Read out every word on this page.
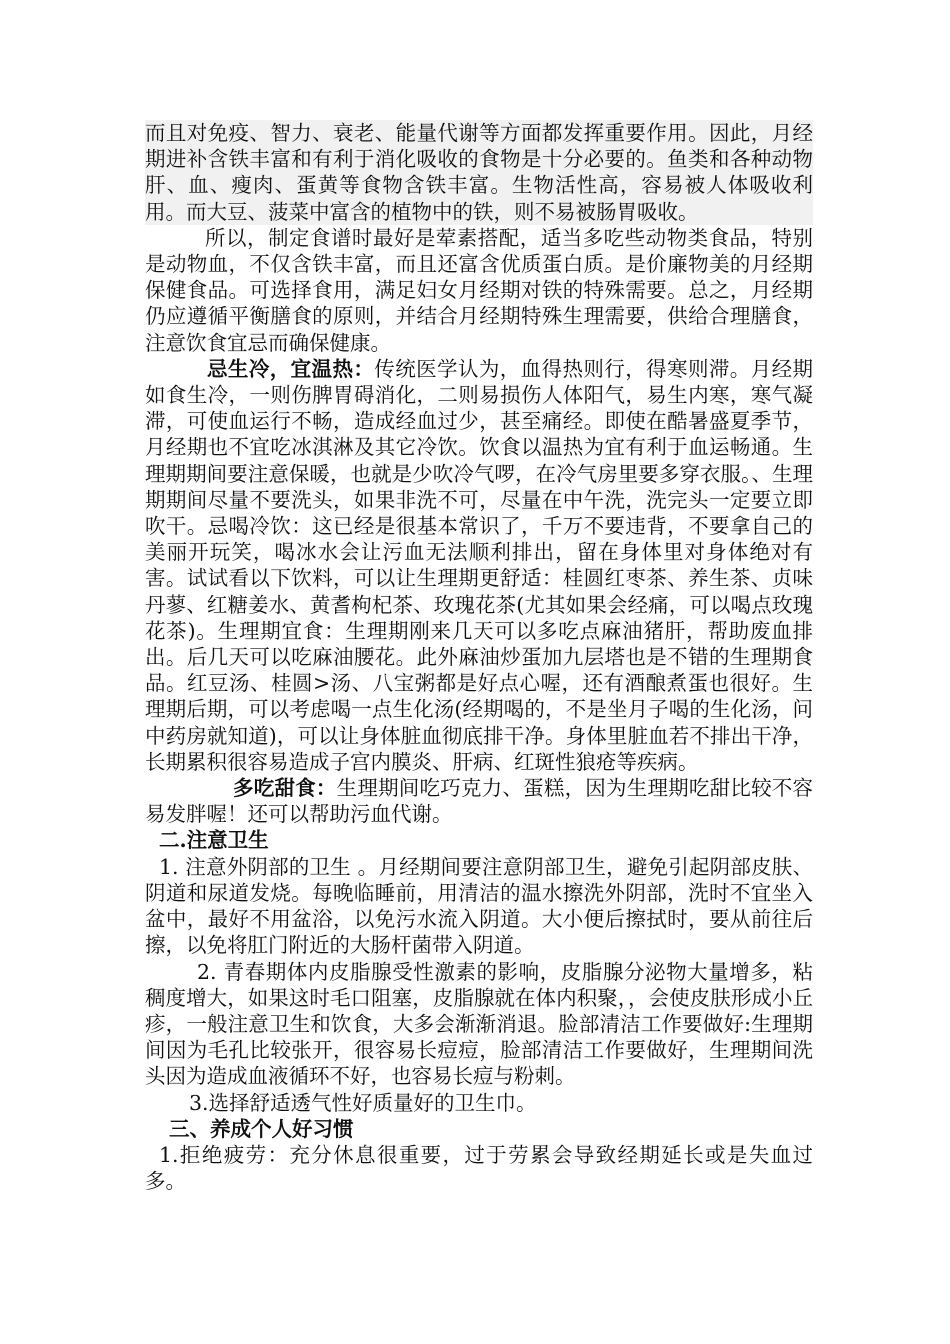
而且对免疫、智力、衰老、能量代谢等方面都发挥重要作用。因此，月经期进补含铁丰富和有利于消化吸收的食物是十分必要的。鱼类和各种动物肝、血、瘦肉、蛋黄等食物含铁丰富。生物活性高，容易被人体吸收利用。而大豆、菠菜中富含的植物中的铁，则不易被肠胃吸收。

所以，制定食谱时最好是荤素搭配，适当多吃些动物类食品，特别是动物血，不仅含铁丰富，而且还富含优质蛋白质。是价廉物美的月经期保健食品。可选择食用，满足妇女月经期对铁的特殊需要。总之，月经期仍应遵循平衡膳食的原则，并结合月经期特殊生理需要，供给合理膳食，注意饮食宜忌而确保健康。

忌生冷，宜温热：传统医学认为，血得热则行，得寒则滞。月经期如食生冷，一则伤脾胃碍消化，二则易损伤人体阳气，易生内寒，寒气凝滞，可使血运行不畅，造成经血过少，甚至痛经。即使在酷暑盛夏季节，月经期也不宜吃冰淇淋及其它冷饮。饮食以温热为宜有利于血运畅通。生理期期间要注意保暖，也就是少吹冷气啰，在冷气房里要多穿衣服。、生理期期间尽量不要洗头，如果非洗不可，尽量在中午洗，洗完头一定要立即吹干。忌喝冷饮：这已经是很基本常识了，千万不要违背，不要拿自己的美丽开玩笑，喝冰水会让污血无法顺利排出，留在身体里对身体绝对有害。试试看以下饮料，可以让生理期更舒适：桂圆红枣茶、养生茶、贞味丹蓼、红糖姜水、黄耆枸杞茶、玫瑰花茶(尤其如果会经痛，可以喝点玫瑰花茶)。生理期宜食：生理期刚来几天可以多吃点麻油猪肝，帮助废血排出。后几天可以吃麻油腰花。此外麻油炒蛋加九层塔也是不错的生理期食品。红豆汤、桂圆>汤、八宝粥都是好点心喔，还有酒酿煮蛋也很好。生理期后期，可以考虑喝一点生化汤(经期喝的，不是坐月子喝的生化汤，问中药房就知道)，可以让身体脏血彻底排干净。身体里脏血若不排出干净，长期累积很容易造成子宫内膜炎、肝病、红斑性狼疮等疾病。

多吃甜食：生理期间吃巧克力、蛋糕，因为生理期吃甜比较不容易发胖喔！还可以帮助污血代谢。

二.注意卫生

1. 注意外阴部的卫生 。月经期间要注意阴部卫生，避免引起阴部皮肤、阴道和尿道发烧。每晚临睡前，用清洁的温水擦洗外阴部，洗时不宜坐入盆中，最好不用盆浴，以免污水流入阴道。大小便后擦拭时，要从前往后擦，以免将肛门附近的大肠杆菌带入阴道。

2. 青春期体内皮脂腺受性激素的影响，皮脂腺分泌物大量增多，粘稠度增大，如果这时毛口阻塞，皮脂腺就在体内积聚，，会使皮肤形成小丘疹，一般注意卫生和饮食，大多会渐渐消退。脸部清洁工作要做好:生理期间因为毛孔比较张开，很容易长痘痘，脸部清洁工作要做好，生理期间洗头因为造成血液循环不好，也容易长痘与粉刺。

3.选择舒适透气性好质量好的卫生巾。

三、养成个人好习惯

1.拒绝疲劳：充分休息很重要，过于劳累会导致经期延长或是失血过多。
